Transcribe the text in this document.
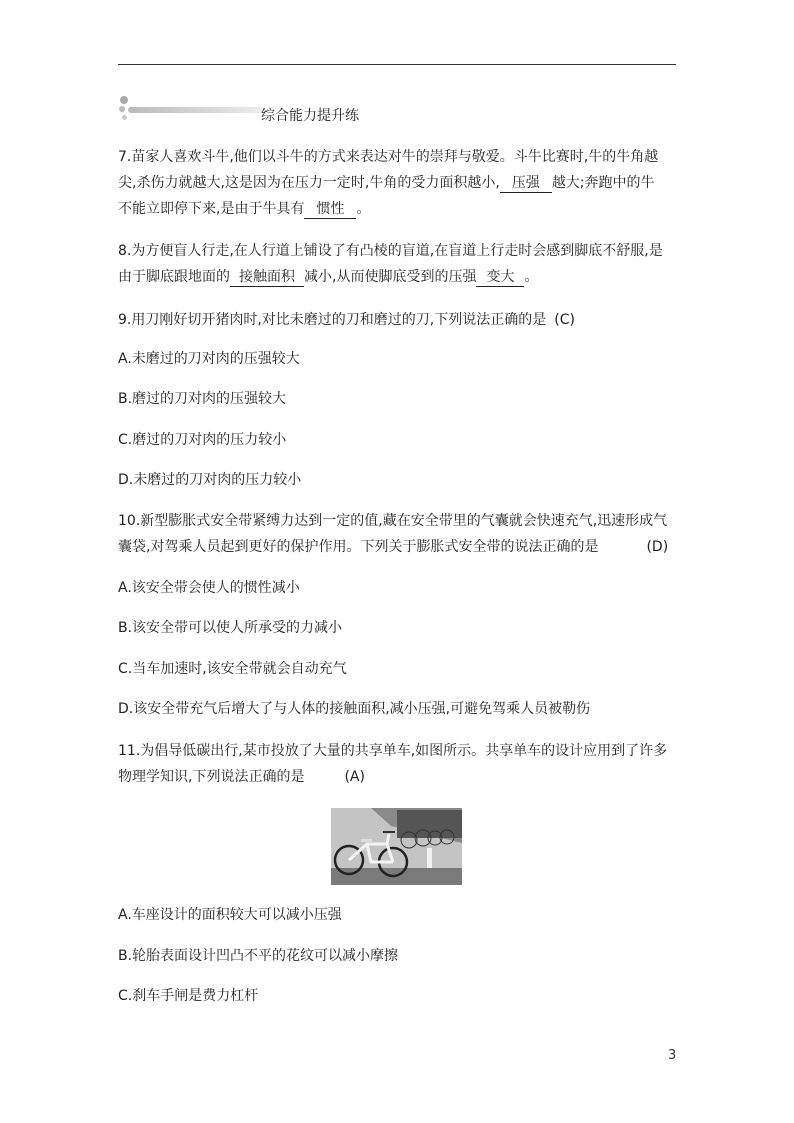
综合能力提升练

7.苗家人喜欢斗牛,他们以斗牛的方式来表达对牛的崇拜与敬爱。斗牛比赛时,牛的牛角越

尖,杀伤力就越大,这是因为在压力一定时,牛角的受力面积越小, 压强 越大;奔跑中的牛

不能立即停下来,是由于牛具有 惯性 。

8.为方便盲人行走,在人行道上铺设了有凸棱的盲道,在盲道上行走时会感到脚底不舒服,是

由于脚底跟地面的 接触面积 减小,从而使脚底受到的压强 变大 。

9.用刀刚好切开猪肉时,对比未磨过的刀和磨过的刀,下列说法正确的是 (C)

A.未磨过的刀对肉的压强较大
B.磨过的刀对肉的压强较大
C.磨过的刀对肉的压力较小
D.未磨过的刀对肉的压力较小

10.新型膨胀式安全带紧缚力达到一定的值,藏在安全带里的气囊就会快速充气,迅速形成气

囊袋,对驾乘人员起到更好的保护作用。下列关于膨胀式安全带的说法正确的是	(D)

A.该安全带会使人的惯性减小
B.该安全带可以使人所承受的力减小
C.当车加速时,该安全带就会自动充气
D.该安全带充气后增大了与人体的接触面积,减小压强,可避免驾乘人员被勒伤

11.为倡导低碳出行,某市投放了大量的共享单车,如图所示。共享单车的设计应用到了许多

物理学知识,下列说法正确的是	(A)

A.车座设计的面积较大可以减小压强
B.轮胎表面设计凹凸不平的花纹可以减小摩擦
C.刹车手闸是费力杠杆
3
